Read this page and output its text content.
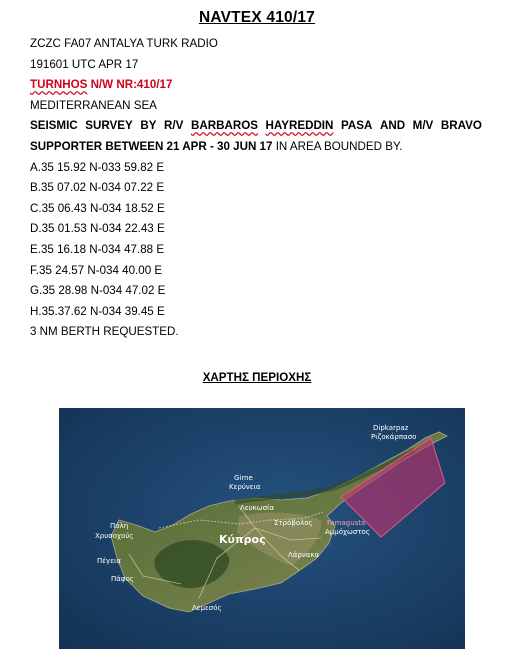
NAVTEX 410/17
ZCZC FA07 ANTALYA TURK RADIO
191601 UTC APR 17
TURNHOS N/W NR:410/17
MEDITERRANEAN SEA
SEISMIC SURVEY BY R/V BARBAROS HAYREDDIN PASA AND M/V BRAVO
SUPPORTER BETWEEN 21 APR - 30 JUN 17 IN AREA BOUNDED BY.
A.35 15.92 N-033 59.82 E
B.35 07.02 N-034 07.22 E
C.35 06.43 N-034 18.52 E
D.35 01.53 N-034 22.43 E
E.35 16.18 N-034 47.88 E
F.35 24.57 N-034 40.00 E
G.35 28.98 N-034 47.02 E
H.35.37.62 N-034 39.45 E
3 NM BERTH REQUESTED.
ΧΑΡΤΗΣ ΠΕΡΙΟΧΗΣ
Dipkarpaz
Ριζοκάρπασο
Girne
Κερύνεια
Λευκωσία
Στρόβολος Famagusta
Αμμόχωστος
Λάρνακα
Πόλη
Χρυσοχούς
Πέγεια
Πάφος
Λεμεσός
Κύπρος
